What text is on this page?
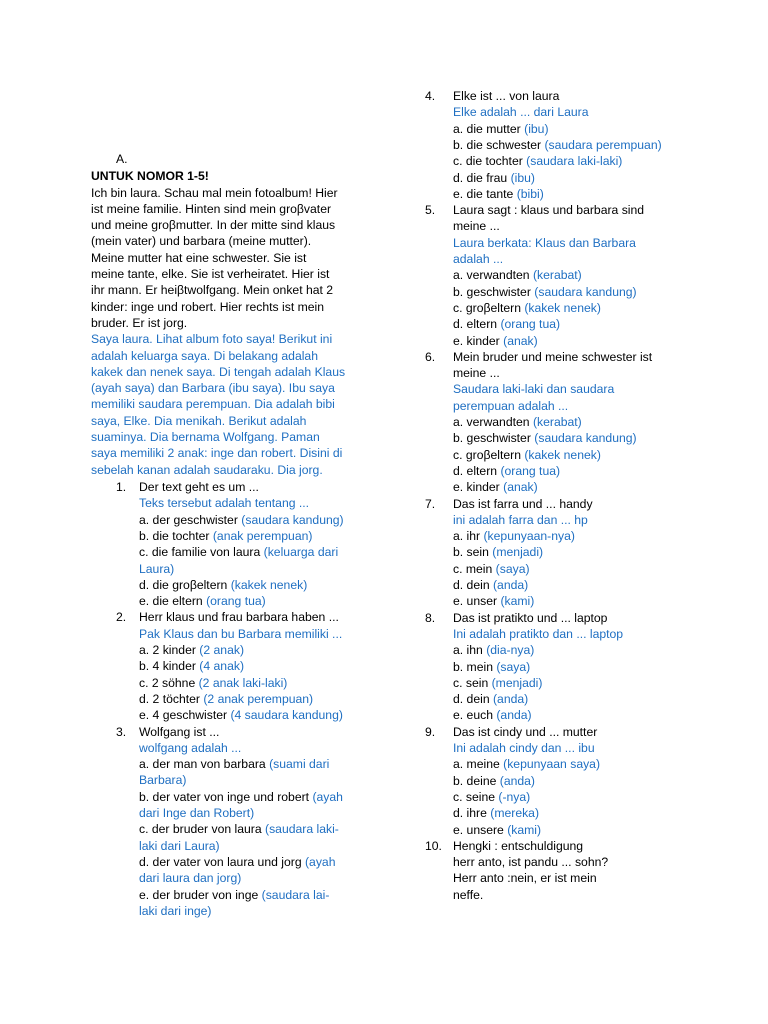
A.
UNTUK NOMOR 1-5!
Ich bin laura. Schau mal mein fotoalbum! Hier
ist meine familie. Hinten sind mein groβvater
und meine groβmutter. In der mitte sind klaus
(mein vater) und barbara (meine mutter).
Meine mutter hat eine schwester. Sie ist
meine tante, elke. Sie ist verheiratet. Hier ist
ihr mann. Er heiβtwolfgang. Mein onket hat 2
kinder: inge und robert. Hier rechts ist mein
bruder. Er ist jorg.
Saya laura. Lihat album foto saya! Berikut ini
adalah keluarga saya. Di belakang adalah
kakek dan nenek saya. Di tengah adalah Klaus
(ayah saya) dan Barbara (ibu saya). Ibu saya
memiliki saudara perempuan. Dia adalah bibi
saya, Elke. Dia menikah. Berikut adalah
suaminya. Dia bernama Wolfgang. Paman
saya memiliki 2 anak: inge dan robert. Disini di
sebelah kanan adalah saudaraku. Dia jorg.
1. Der text geht es um ...
Teks tersebut adalah tentang ...
a. der geschwister (saudara kandung)
b. die tochter (anak perempuan)
c. die familie von laura (keluarga dari
Laura)
d. die groβeltern (kakek nenek)
e. die eltern (orang tua)
2. Herr klaus und frau barbara haben ...
Pak Klaus dan bu Barbara memiliki ...
a. 2 kinder (2 anak)
b. 4 kinder (4 anak)
c. 2 söhne (2 anak laki-laki)
d. 2 töchter (2 anak perempuan)
e. 4 geschwister (4 saudara kandung)
3. Wolfgang ist ...
wolfgang adalah ...
a. der man von barbara (suami dari
Barbara)
b. der vater von inge und robert (ayah
dari Inge dan Robert)
c. der bruder von laura (saudara laki-
laki dari Laura)
d. der vater von laura und jorg (ayah
dari laura dan jorg)
e. der bruder von inge (saudara lai-
laki dari inge)
4. Elke ist ... von laura
Elke adalah ... dari Laura
a. die mutter (ibu)
b. die schwester (saudara perempuan)
c. die tochter (saudara laki-laki)
d. die frau (ibu)
e. die tante (bibi)
5. Laura sagt : klaus und barbara sind
meine ...
Laura berkata: Klaus dan Barbara
adalah ...
a. verwandten (kerabat)
b. geschwister (saudara kandung)
c. groβeltern (kakek nenek)
d. eltern (orang tua)
e. kinder (anak)
6. Mein bruder und meine schwester ist
meine ...
Saudara laki-laki dan saudara
perempuan adalah ...
a. verwandten (kerabat)
b. geschwister (saudara kandung)
c. groβeltern (kakek nenek)
d. eltern (orang tua)
e. kinder (anak)
7. Das ist farra und ... handy
ini adalah farra dan ... hp
a. ihr (kepunyaan-nya)
b. sein (menjadi)
c. mein (saya)
d. dein (anda)
e. unser (kami)
8. Das ist pratikto und ... laptop
Ini adalah pratikto dan ... laptop
a. ihn (dia-nya)
b. mein (saya)
c. sein (menjadi)
d. dein (anda)
e. euch (anda)
9. Das ist cindy und ... mutter
Ini adalah cindy dan ... ibu
a. meine (kepunyaan saya)
b. deine (anda)
c. seine (-nya)
d. ihre (mereka)
e. unsere (kami)
10. Hengki : entschuldigung
herr anto, ist pandu ... sohn?
Herr anto :nein, er ist mein
neffe.
